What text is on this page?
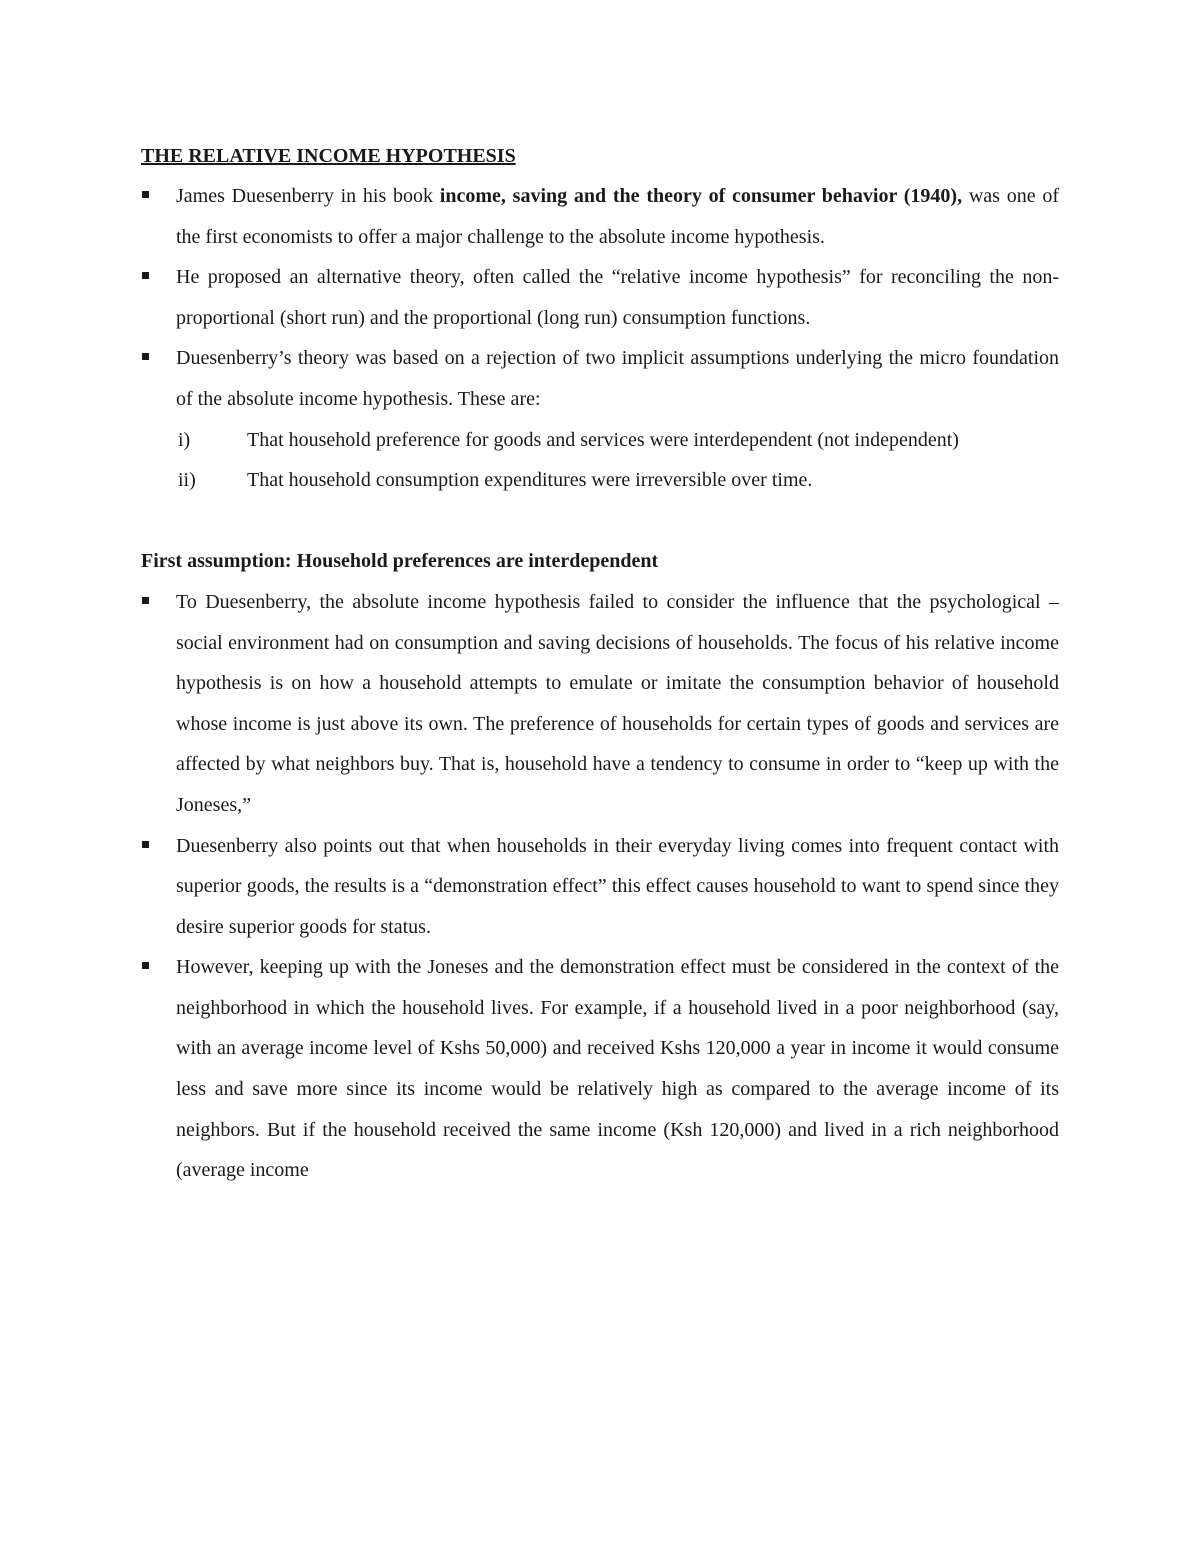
THE RELATIVE INCOME HYPOTHESIS

James Duesenberry in his book income, saving and the theory of consumer behavior (1940), was one of the first economists to offer a major challenge to the absolute income hypothesis.
He proposed an alternative theory, often called the “relative income hypothesis” for reconciling the non-proportional (short run) and the proportional (long run) consumption functions.
Duesenberry’s theory was based on a rejection of two implicit assumptions underlying the micro foundation of the absolute income hypothesis. These are:
i)	That household preference for goods and services were interdependent (not independent)
ii)	That household consumption expenditures were irreversible over time.

First assumption: Household preferences are interdependent

To Duesenberry, the absolute income hypothesis failed to consider the influence that the psychological – social environment had on consumption and saving decisions of households. The focus of his relative income hypothesis is on how a household attempts to emulate or imitate the consumption behavior of household whose income is just above its own. The preference of households for certain types of goods and services are affected by what neighbors buy. That is, household have a tendency to consume in order to “keep up with the Joneses,”
Duesenberry also points out that when households in their everyday living comes into frequent contact with superior goods, the results is a “demonstration effect” this effect causes household to want to spend since they desire superior goods for status.
However, keeping up with the Joneses and the demonstration effect must be considered in the context of the neighborhood in which the household lives. For example, if a household lived in a poor neighborhood (say, with an average income level of Kshs 50,000) and received Kshs 120,000 a year in income it would consume less and save more since its income would be relatively high as compared to the average income of its neighbors. But if the household received the same income (Ksh 120,000) and lived in a rich neighborhood (average income
